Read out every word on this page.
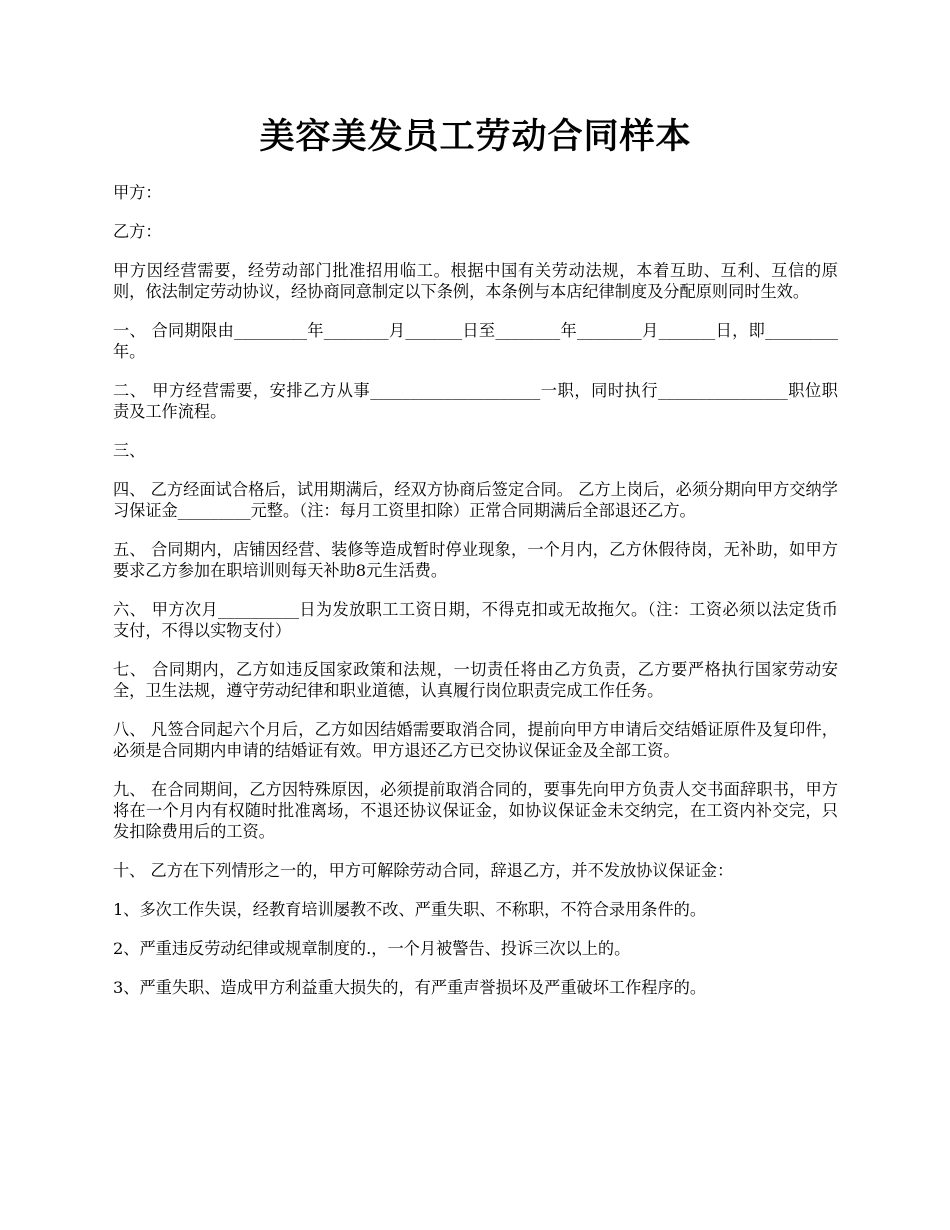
美容美发员工劳动合同样本

甲方：

乙方：

甲方因经营需要，经劳动部门批准招用临工。根据中国有关劳动法规，本着互助、互利、互信的原则，依法制定劳动协议，经协商同意制定以下条例，本条例与本店纪律制度及分配原则同时生效。

一、 合同期限由_________年________月_______日至________年________月_______日，即_________年。

二、 甲方经营需要，安排乙方从事_____________________一职，同时执行________________职位职责及工作流程。

三、

四、 乙方经面试合格后，试用期满后，经双方协商后签定合同。 乙方上岗后，必须分期向甲方交纳学习保证金_________元整。（注：每月工资里扣除）正常合同期满后全部退还乙方。

五、 合同期内，店铺因经营、装修等造成暂时停业现象，一个月内，乙方休假待岗，无补助，如甲方要求乙方参加在职培训则每天补助8元生活费。

六、 甲方次月__________日为发放职工工资日期，不得克扣或无故拖欠。（注：工资必须以法定货币支付，不得以实物支付）

七、 合同期内，乙方如违反国家政策和法规，一切责任将由乙方负责，乙方要严格执行国家劳动安全，卫生法规，遵守劳动纪律和职业道德，认真履行岗位职责完成工作任务。

八、 凡签合同起六个月后，乙方如因结婚需要取消合同，提前向甲方申请后交结婚证原件及复印件，必须是合同期内申请的结婚证有效。甲方退还乙方已交协议保证金及全部工资。

九、 在合同期间，乙方因特殊原因，必须提前取消合同的，要事先向甲方负责人交书面辞职书，甲方将在一个月内有权随时批准离场，不退还协议保证金，如协议保证金未交纳完，在工资内补交完，只发扣除费用后的工资。

十、 乙方在下列情形之一的，甲方可解除劳动合同，辞退乙方，并不发放协议保证金：

1、多次工作失误，经教育培训屡教不改、严重失职、不称职，不符合录用条件的。

2、严重违反劳动纪律或规章制度的.，一个月被警告、投诉三次以上的。

3、严重失职、造成甲方利益重大损失的，有严重声誉损坏及严重破坏工作程序的。
